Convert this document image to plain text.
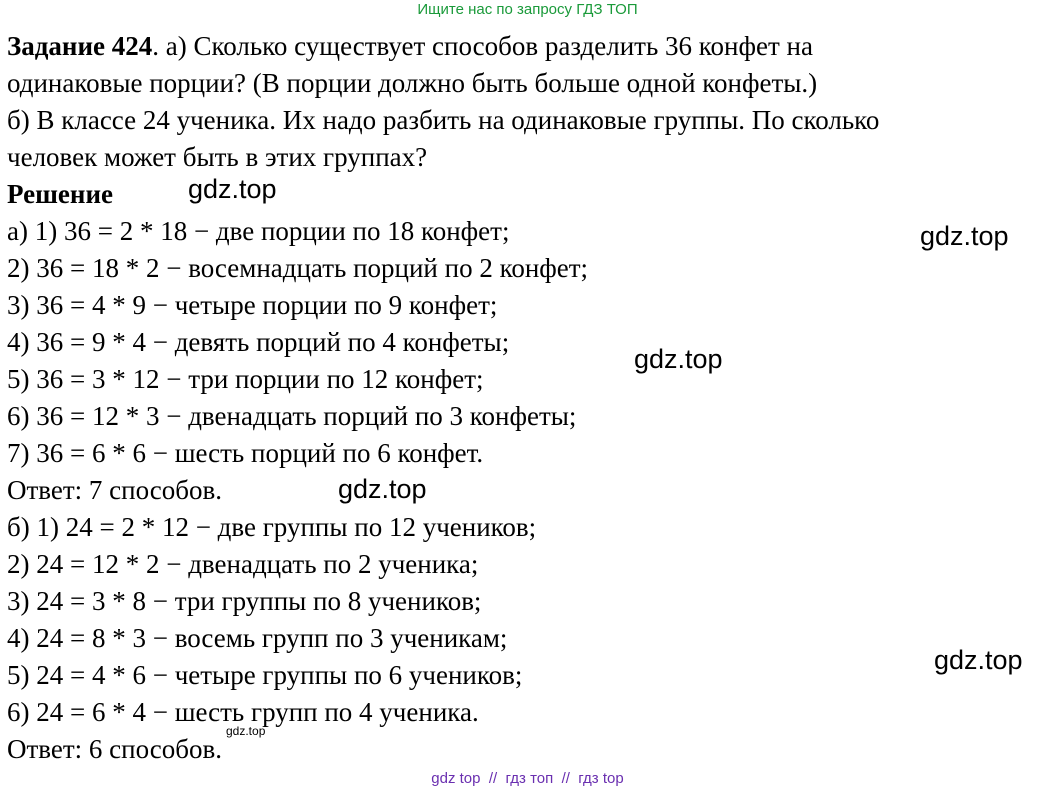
Ищите нас по запросу ГДЗ ТОП

Задание 424. а) Сколько существует способов разделить 36 конфет на

одинаковые порции? (В порции должно быть больше одной конфеты.)

б) В классе 24 ученика. Их надо разбить на одинаковые группы. По сколько

человек может быть в этих группах?

Решение

а) 1) 36 = 2 * 18 − две порции по 18 конфет;

2) 36 = 18 * 2 − восемнадцать порций по 2 конфет;

3) 36 = 4 * 9 − четыре порции по 9 конфет;

4) 36 = 9 * 4 − девять порций по 4 конфеты;

5) 36 = 3 * 12 − три порции по 12 конфет;

6) 36 = 12 * 3 − двенадцать порций по 3 конфеты;

7) 36 = 6 * 6 − шесть порций по 6 конфет.

Ответ: 7 способов.

б) 1) 24 = 2 * 12 − две группы по 12 учеников;

2) 24 = 12 * 2 − двенадцать по 2 ученика;

3) 24 = 3 * 8 − три группы по 8 учеников;

4) 24 = 8 * 3 − восемь групп по 3 ученикам;

5) 24 = 4 * 6 − четыре группы по 6 учеников;

6) 24 = 6 * 4 − шесть групп по 4 ученика.

Ответ: 6 способов.

gdz.top
gdz.top
gdz.top
gdz.top
gdz.top
gdz.top
gdz top  //  гдз топ  //  гдз top
